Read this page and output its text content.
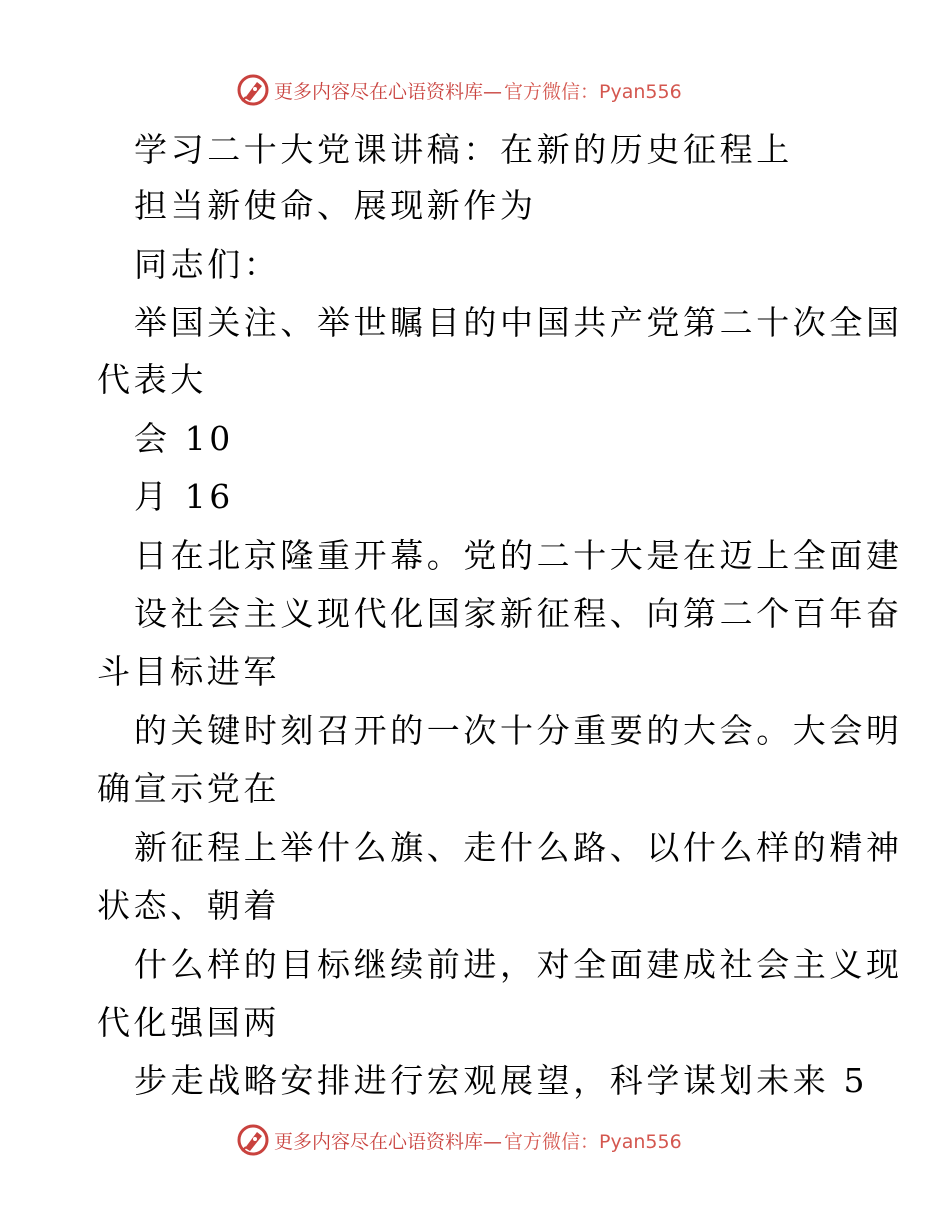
更多内容尽在心语资料库— 官方微信：Pyan556
学习二十大党课讲稿：在新的历史征程上
担当新使命、展现新作为
同志们：
举国关注、举世瞩目的中国共产党第二十次全国
代表大
会 10
月 16
日在北京隆重开幕。党的二十大是在迈上全面建
设社会主义现代化国家新征程、向第二个百年奋
斗目标进军
的关键时刻召开的一次十分重要的大会。大会明
确宣示党在
新征程上举什么旗、走什么路、以什么样的精神
状态、朝着
什么样的目标继续前进，对全面建成社会主义现
代化强国两
步走战略安排进行宏观展望，科学谋划未来 5
更多内容尽在心语资料库— 官方微信：Pyan556
